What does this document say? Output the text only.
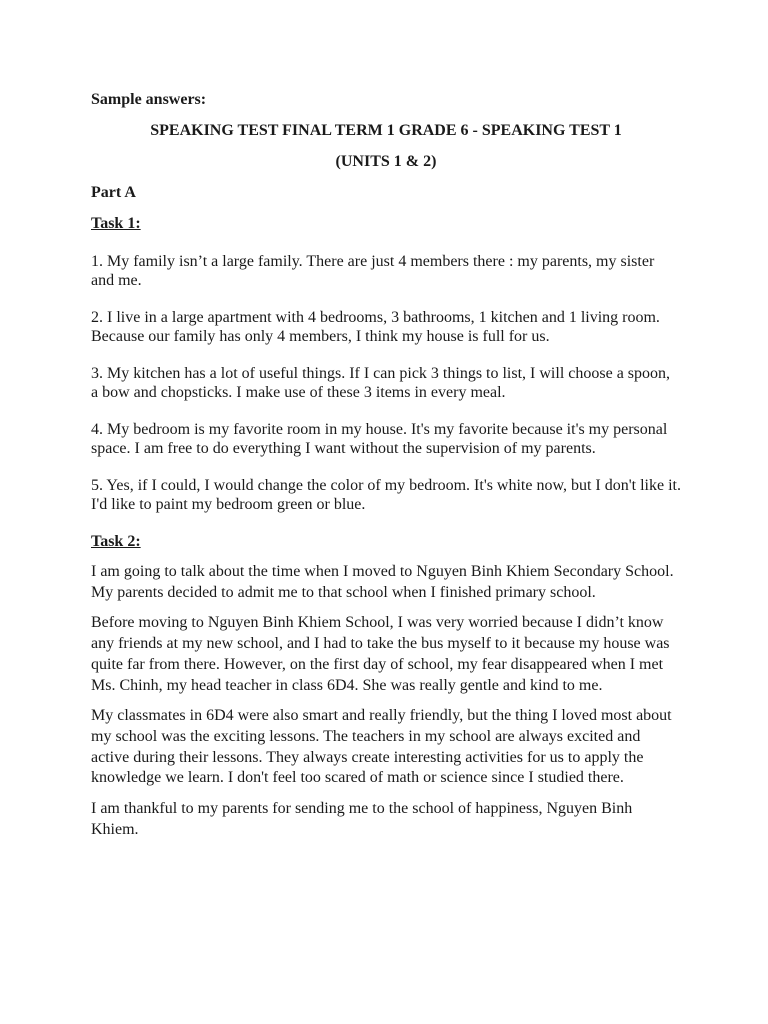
Sample answers:
SPEAKING TEST FINAL TERM 1 GRADE 6 - SPEAKING TEST 1
(UNITS 1 & 2)
Part A
Task 1:
1. My family isn’t a large family. There are just 4 members there : my parents, my sister and me.
2. I live in a large apartment with 4 bedrooms, 3 bathrooms, 1 kitchen and 1 living room. Because our family has only 4 members, I think my house is full for us.
3. My kitchen has a lot of useful things. If I can pick 3 things to list, I will choose a spoon, a bow and chopsticks. I make use of these 3 items in every meal.
4. My bedroom is my favorite room in my house. It's my favorite because it's my personal space. I am free to do everything I want without the supervision of my parents.
5. Yes, if I could, I would change the color of my bedroom. It's white now, but I don't like it. I'd like to paint my bedroom green or blue.
Task 2:
I am going to talk about the time when I moved to Nguyen Binh Khiem Secondary School. My parents decided to admit me to that school when I finished primary school.
Before moving to Nguyen Binh Khiem School, I was very worried because I didn’t know any friends at my new school, and I had to take the bus myself to it because my house was quite far from there. However, on the first day of school, my fear disappeared when I met Ms. Chinh, my head teacher in class 6D4. She was really gentle and kind to me.
My classmates in 6D4 were also smart and really friendly, but the thing I loved most about my school was the exciting lessons. The teachers in my school are always excited and active during their lessons. They always create interesting activities for us to apply the knowledge we learn. I don't feel too scared of math or science since I studied there.
I am thankful to my parents for sending me to the school of happiness, Nguyen Binh Khiem.
